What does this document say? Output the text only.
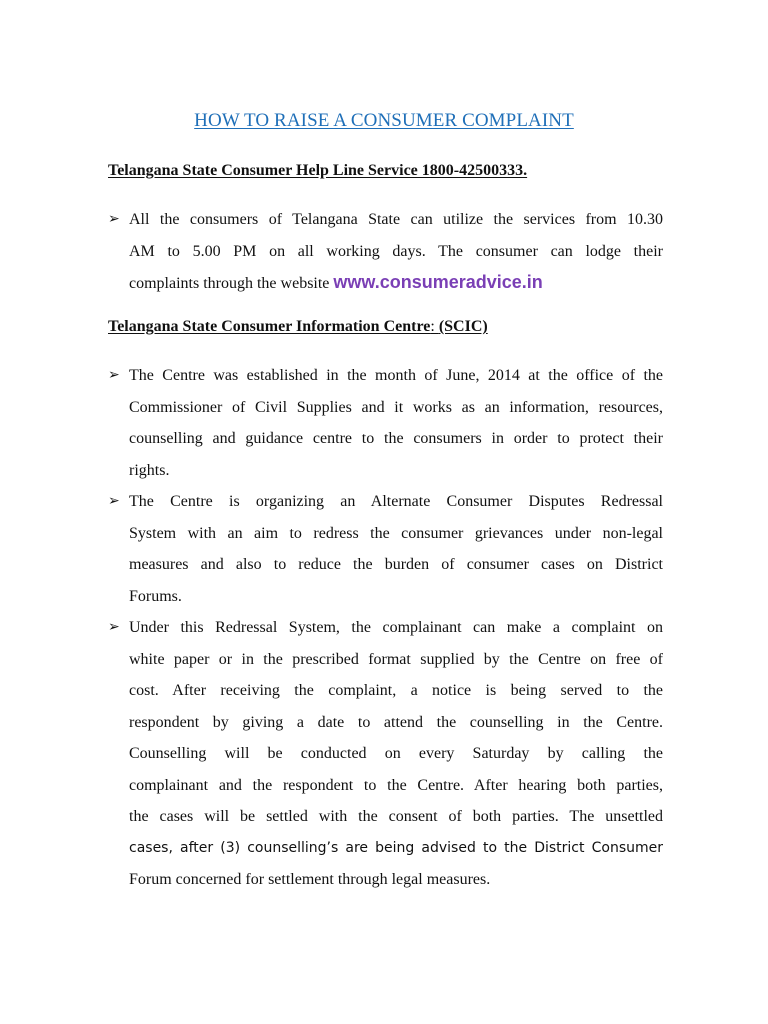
HOW TO RAISE A CONSUMER COMPLAINT
Telangana State Consumer Help Line Service 1800-42500333.
➢ All the consumers of Telangana State can utilize the services from 10.30
AM to 5.00 PM on all working days. The consumer can lodge their
complaints through the website www.consumeradvice.in
Telangana State Consumer Information Centre: (SCIC)
➢ The Centre was established in the month of June, 2014 at the office of the
Commissioner of Civil Supplies and it works as an information, resources,
counselling and guidance centre to the consumers in order to protect their
rights.
➢ The Centre is organizing an Alternate Consumer Disputes Redressal
System with an aim to redress the consumer grievances under non-legal
measures and also to reduce the burden of consumer cases on District
Forums.
➢ Under this Redressal System, the complainant can make a complaint on
white paper or in the prescribed format supplied by the Centre on free of
cost. After receiving the complaint, a notice is being served to the
respondent by giving a date to attend the counselling in the Centre.
Counselling will be conducted on every Saturday by calling the
complainant and the respondent to the Centre. After hearing both parties,
the cases will be settled with the consent of both parties. The unsettled
cases, after (3) counselling’s are being advised to the District Consumer
Forum concerned for settlement through legal measures.
